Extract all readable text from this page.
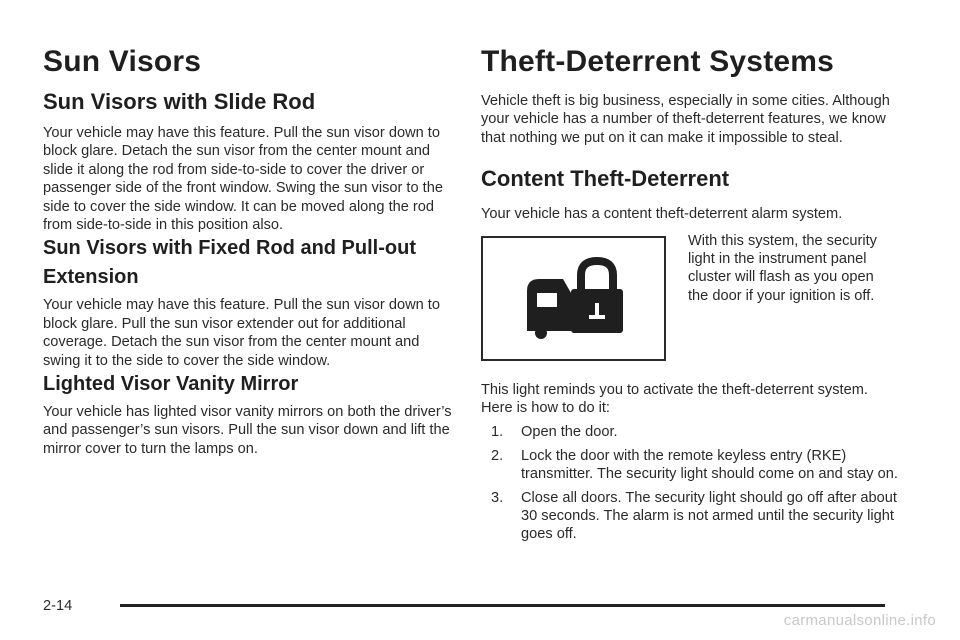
Sun Visors
Sun Visors with Slide Rod

Your vehicle may have this feature. Pull the sun visor down to block glare. Detach the sun visor from the center mount and slide it along the rod from side-to-side to cover the driver or passenger side of the front window. Swing the sun visor to the side to cover the side window. It can be moved along the rod from side-to-side in this position also.

Sun Visors with Fixed Rod and Pull-out Extension

Your vehicle may have this feature. Pull the sun visor down to block glare. Pull the sun visor extender out for additional coverage. Detach the sun visor from the center mount and swing it to the side to cover the side window.

Lighted Visor Vanity Mirror

Your vehicle has lighted visor vanity mirrors on both the driver’s and passenger’s sun visors. Pull the sun visor down and lift the mirror cover to turn the lamps on.

Theft-Deterrent Systems

Vehicle theft is big business, especially in some cities. Although your vehicle has a number of theft-deterrent features, we know that nothing we put on it can make it impossible to steal.

Content Theft-Deterrent

Your vehicle has a content theft-deterrent alarm system.

With this system, the security light in the instrument panel cluster will flash as you open the door if your ignition is off.

This light reminds you to activate the theft-deterrent system. Here is how to do it:

1.	Open the door.
2.	Lock the door with the remote keyless entry (RKE) transmitter. The security light should come on and stay on.
3.	Close all doors. The security light should go off after about 30 seconds. The alarm is not armed until the security light goes off.
2-14
carmanualsonline.info
